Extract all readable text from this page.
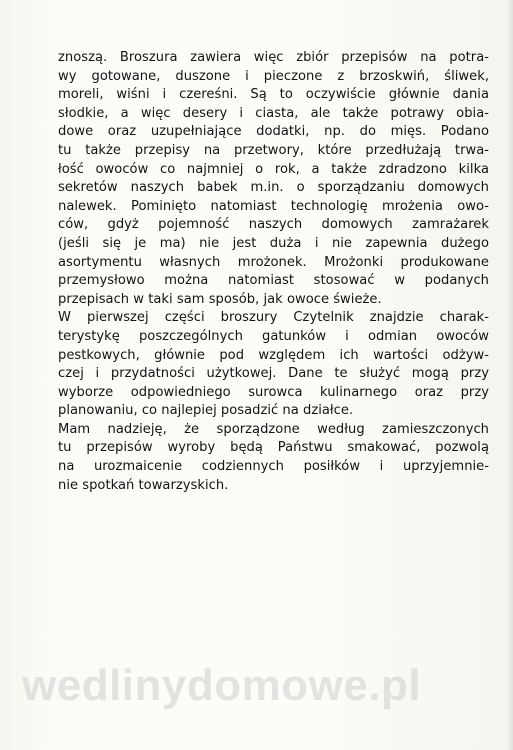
znoszą. Broszura zawiera więc zbiór przepisów na potra-
wy gotowane, duszone i pieczone z brzoskwiń, śliwek,
moreli, wiśni i czereśni. Są to oczywiście głównie dania
słodkie, a więc desery i ciasta, ale także potrawy obia-
dowe oraz uzupełniające dodatki, np. do mięs. Podano
tu także przepisy na przetwory, które przedłużają trwa-
łość owoców co najmniej o rok, a także zdradzono kilka
sekretów naszych babek m.in. o sporządzaniu domowych
nalewek. Pominięto natomiast technologię mrożenia owo-
ców, gdyż pojemność naszych domowych zamrażarek
(jeśli się je ma) nie jest duża i nie zapewnia dużego
asortymentu własnych mrożonek. Mrożonki produkowane
przemysłowo można natomiast stosować w podanych
przepisach w taki sam sposób, jak owoce świeże.
W pierwszej części broszury Czytelnik znajdzie charak-
terystykę poszczególnych gatunków i odmian owoców
pestkowych, głównie pod względem ich wartości odżyw-
czej i przydatności użytkowej. Dane te służyć mogą przy
wyborze odpowiedniego surowca kulinarnego oraz przy
planowaniu, co najlepiej posadzić na działce.
Mam nadzieję, że sporządzone według zamieszczonych
tu przepisów wyroby będą Państwu smakować, pozwolą
na urozmaicenie codziennych posiłków i uprzyjemnie-
nie spotkań towarzyskich.
wedlinydomowe.pl
